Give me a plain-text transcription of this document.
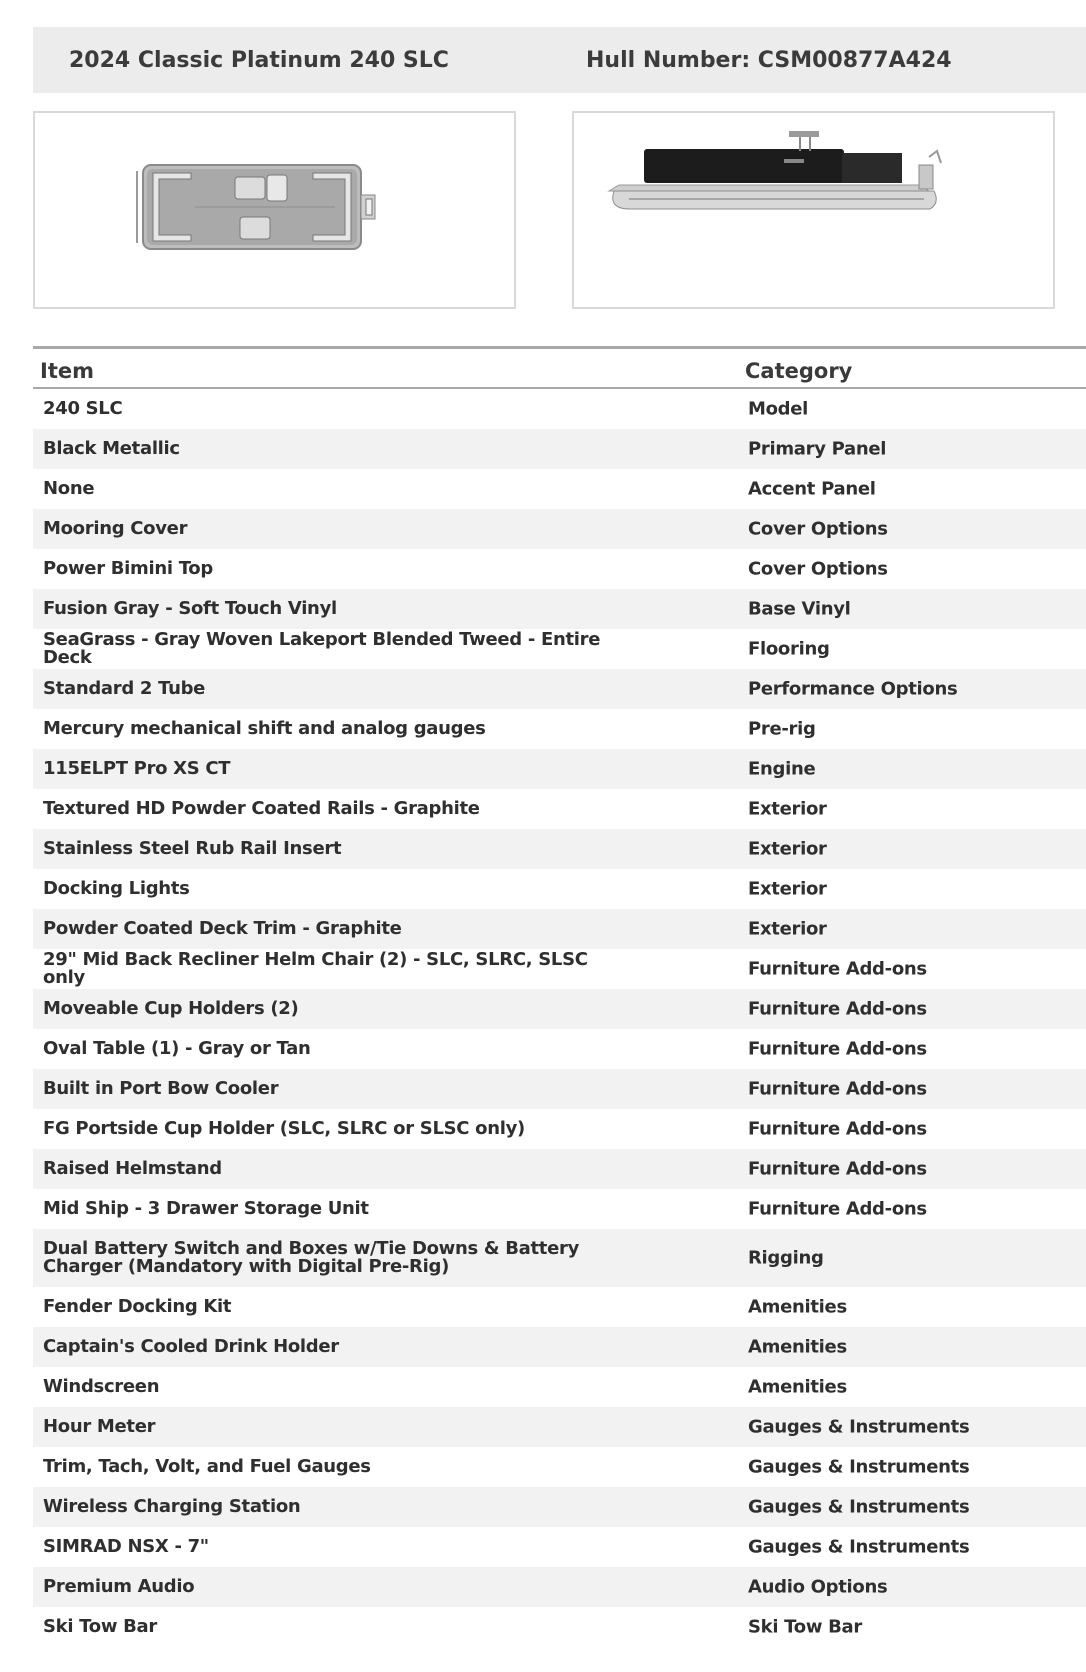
2024 Classic Platinum 240 SLC	Hull Number: CSM00877A424
Item	Category
240 SLC	Model
Black Metallic	Primary Panel
None	Accent Panel
Mooring Cover	Cover Options
Power Bimini Top	Cover Options
Fusion Gray - Soft Touch Vinyl	Base Vinyl
SeaGrass - Gray Woven Lakeport Blended Tweed - Entire Deck	Flooring
Standard 2 Tube	Performance Options
Mercury mechanical shift and analog gauges	Pre-rig
115ELPT Pro XS CT	Engine
Textured HD Powder Coated Rails - Graphite	Exterior
Stainless Steel Rub Rail Insert	Exterior
Docking Lights	Exterior
Powder Coated Deck Trim - Graphite	Exterior
29" Mid Back Recliner Helm Chair (2) - SLC, SLRC, SLSC only	Furniture Add-ons
Moveable Cup Holders (2)	Furniture Add-ons
Oval Table (1) - Gray or Tan	Furniture Add-ons
Built in Port Bow Cooler	Furniture Add-ons
FG Portside Cup Holder (SLC, SLRC or SLSC only)	Furniture Add-ons
Raised Helmstand	Furniture Add-ons
Mid Ship - 3 Drawer Storage Unit	Furniture Add-ons
Dual Battery Switch and Boxes w/Tie Downs & Battery Charger (Mandatory with Digital Pre-Rig)	Rigging
Fender Docking Kit	Amenities
Captain's Cooled Drink Holder	Amenities
Windscreen	Amenities
Hour Meter	Gauges & Instruments
Trim, Tach, Volt, and Fuel Gauges	Gauges & Instruments
Wireless Charging Station	Gauges & Instruments
SIMRAD NSX - 7"	Gauges & Instruments
Premium Audio	Audio Options
Ski Tow Bar	Ski Tow Bar
